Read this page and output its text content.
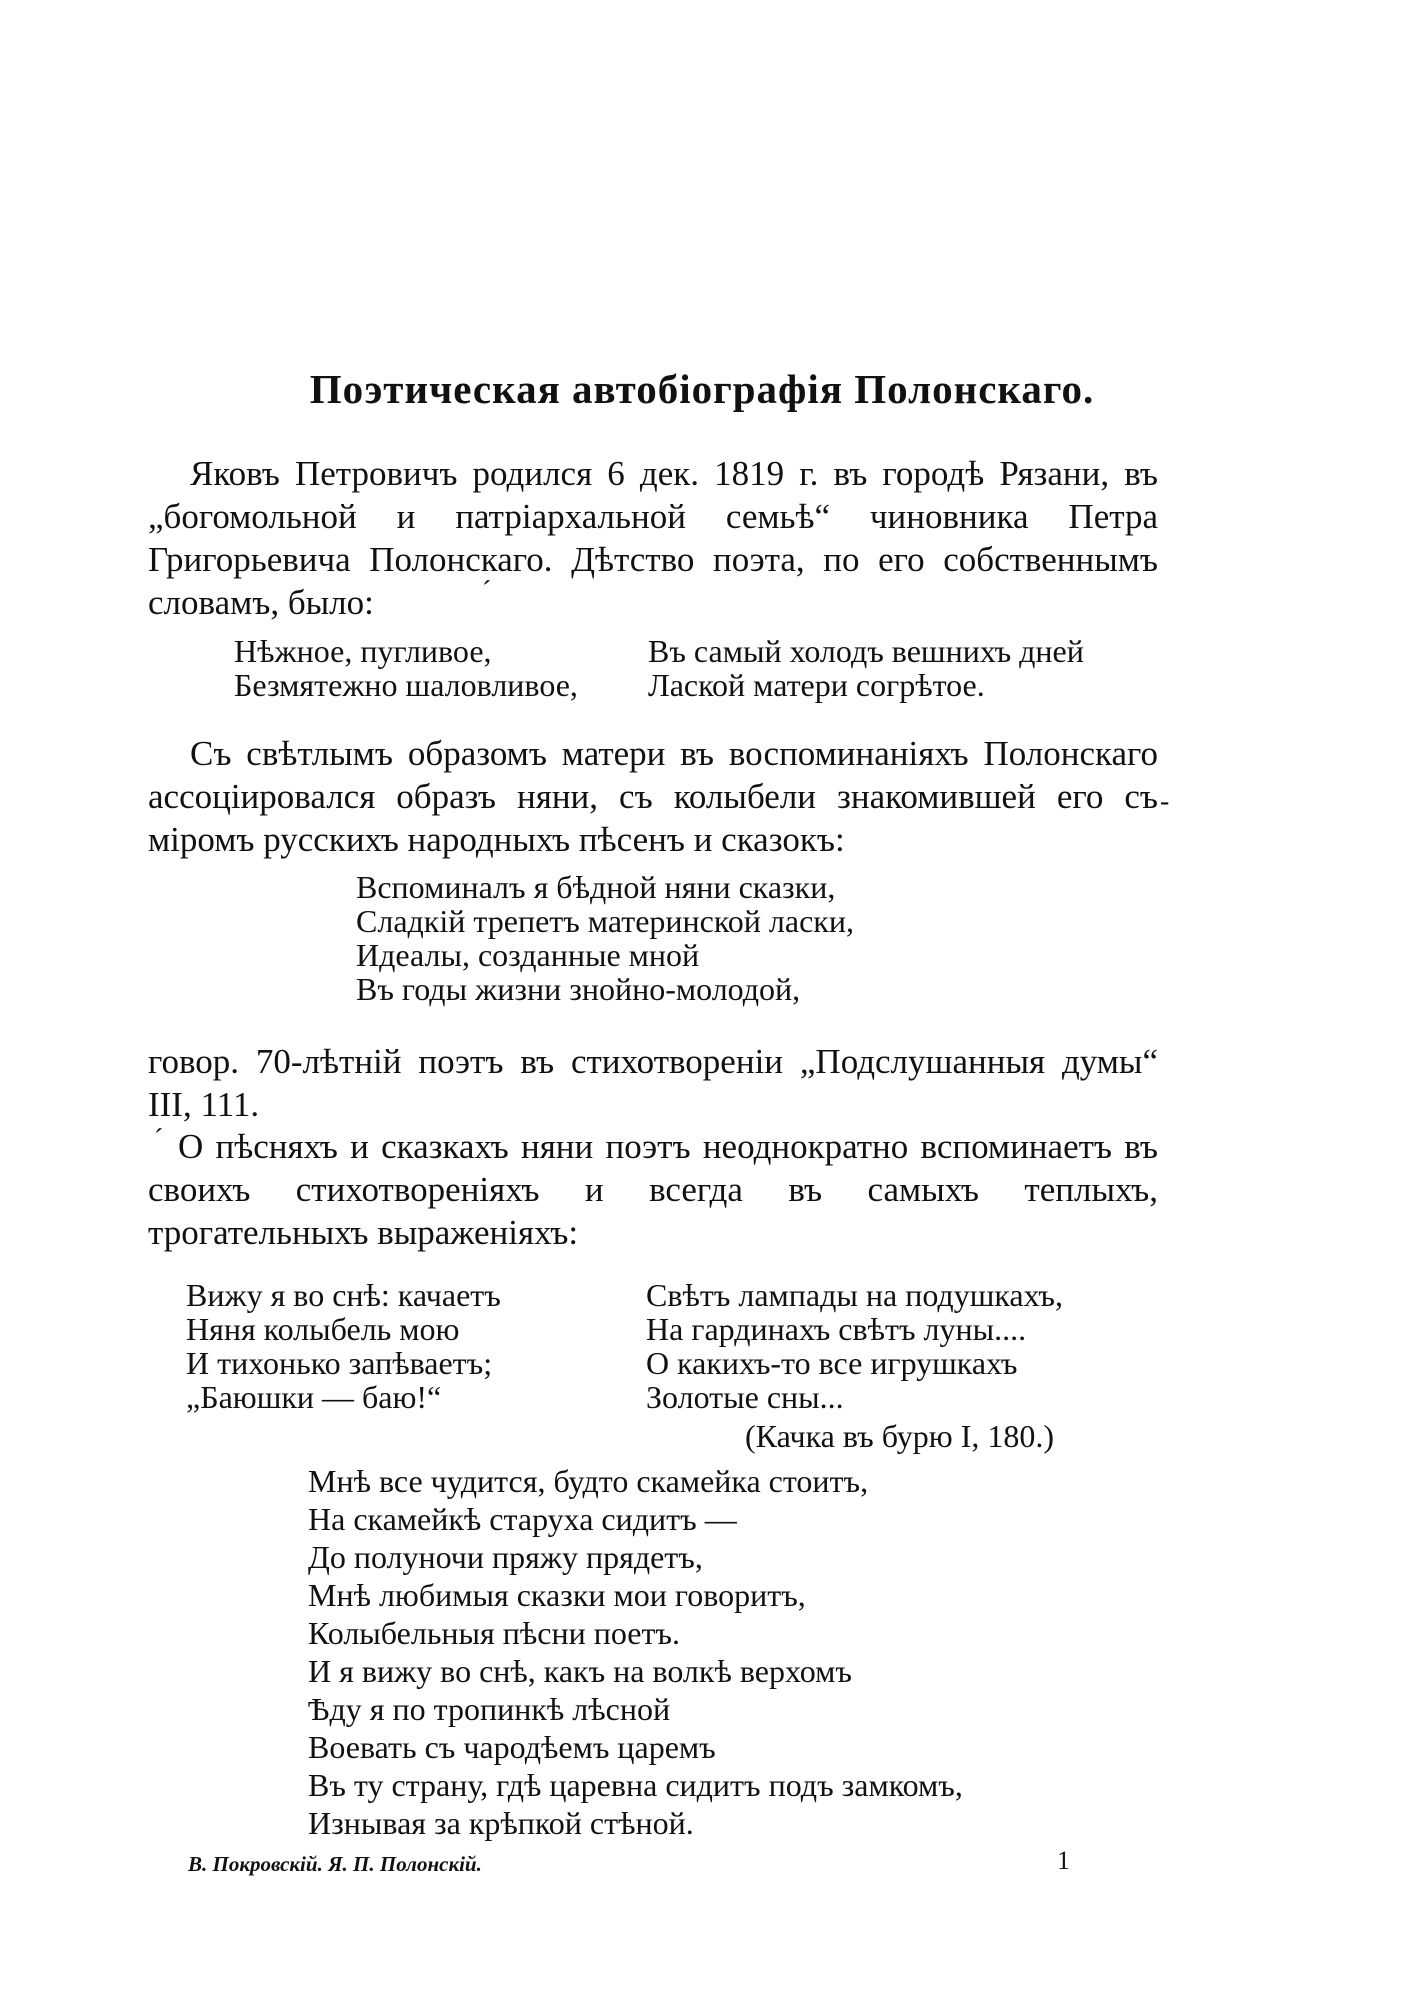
Поэтическая автобіографія Полонскаго.

Яковъ Петровичъ родился 6 дек. 1819 г. въ городѣ Рязани, въ „богомольной и патріархальной семьѣ“ чиновника Петра Григорьевича Полонскаго. Дѣтство поэта, по его собственнымъ словамъ, было:	ˊ
Нѣжное, пугливое,
Безмятежно шаловливое,
Въ самый холодъ вешнихъ дней
Лаской матери согрѣтое.

Съ свѣтлымъ образомъ матери въ воспоминаніяхъ Полонскаго ассоціировался образъ няни, съ колыбели знакомившей его съ міромъ русскихъ народныхъ пѣсенъ и сказокъ:

-
Вспоминалъ я бѣдной няни сказки,
Сладкій трепетъ материнской ласки,
Идеалы, созданные мной
Въ годы жизни знойно-молодой,

говор. 70-лѣтній поэтъ въ стихотвореніи „Подслушанныя думы“ III, 111.

ˊ О пѣсняхъ и сказкахъ няни поэтъ неоднократно вспоминаетъ въ своихъ стихотвореніяхъ и всегда въ самыхъ теплыхъ, трогательныхъ выраженіяхъ:

Вижу я во снѣ: качаетъ
Няня колыбель мою
И тихонько запѣваетъ;
„Баюшки — баю!“
Свѣтъ лампады на подушкахъ,
На гардинахъ свѣтъ луны....
О какихъ-то все игрушкахъ
Золотые сны...
(Качка въ бурю I, 180.)
Мнѣ все чудится, будто скамейка стоитъ,
На скамейкѣ старуха сидитъ —
До полуночи пряжу прядетъ,
Мнѣ любимыя сказки мои говоритъ,
Колыбельныя пѣсни поетъ.
И я вижу во снѣ, какъ на волкѣ верхомъ
Ѣду я по тропинкѣ лѣсной
Воевать съ чародѣемъ царемъ
Въ ту страну, гдѣ царевна сидитъ подъ замкомъ,
Изнывая за крѣпкой стѣной.
В. Покровскій. Я. П. Полонскій.	1
